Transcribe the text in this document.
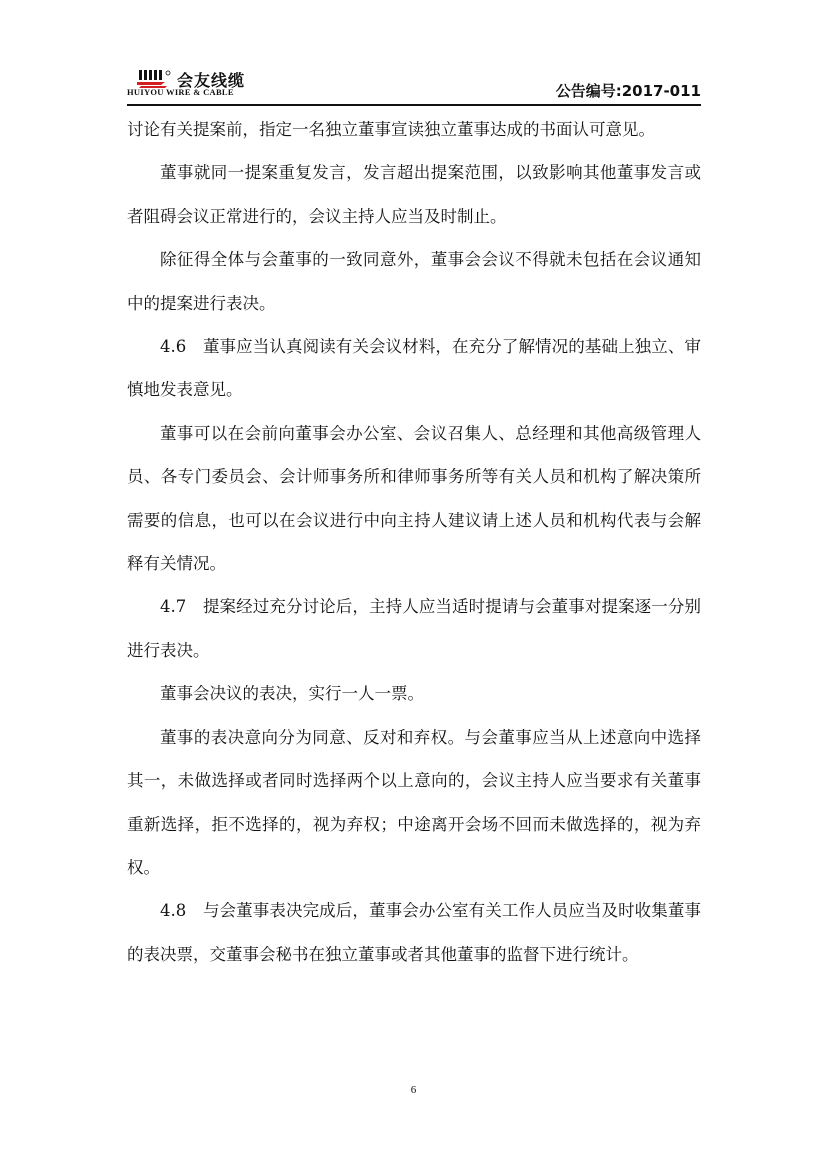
会友线缆
HUIYOU WIRE & CABLE	公告编号:2017-011

讨论有关提案前，指定一名独立董事宣读独立董事达成的书面认可意见。

董事就同一提案重复发言，发言超出提案范围，以致影响其他董事发言或者阻碍会议正常进行的，会议主持人应当及时制止。

除征得全体与会董事的一致同意外，董事会会议不得就未包括在会议通知中的提案进行表决。

4.6　董事应当认真阅读有关会议材料，在充分了解情况的基础上独立、审慎地发表意见。

董事可以在会前向董事会办公室、会议召集人、总经理和其他高级管理人员、各专门委员会、会计师事务所和律师事务所等有关人员和机构了解决策所需要的信息，也可以在会议进行中向主持人建议请上述人员和机构代表与会解释有关情况。

4.7　提案经过充分讨论后，主持人应当适时提请与会董事对提案逐一分别进行表决。

董事会决议的表决，实行一人一票。

董事的表决意向分为同意、反对和弃权。与会董事应当从上述意向中选择其一，未做选择或者同时选择两个以上意向的，会议主持人应当要求有关董事重新选择，拒不选择的，视为弃权；中途离开会场不回而未做选择的，视为弃权。

4.8　与会董事表决完成后，董事会办公室有关工作人员应当及时收集董事的表决票，交董事会秘书在独立董事或者其他董事的监督下进行统计。

6
